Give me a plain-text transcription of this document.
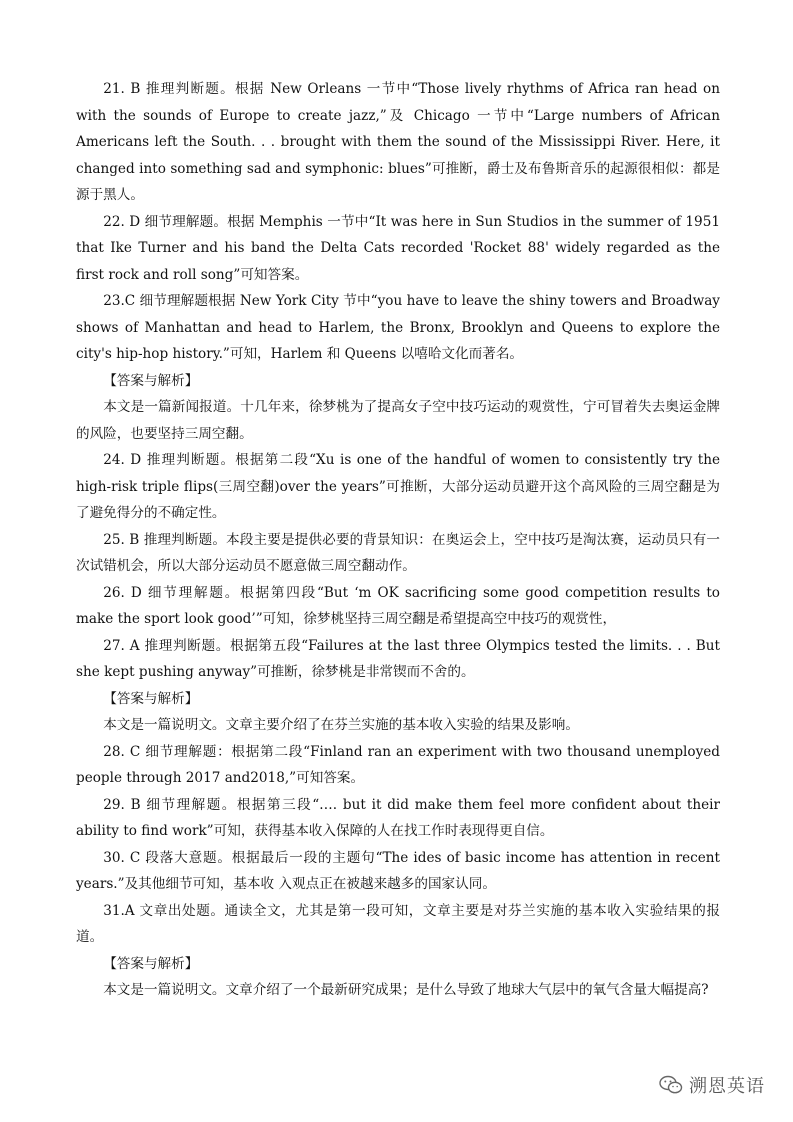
21. B 推理判断题。根据 New Orleans 一节中“Those lively rhythms of Africa ran head on with the sounds of Europe to create jazz,”及 Chicago 一节中“Large numbers of African Americans left the South. . . brought with them the sound of the Mississippi River. Here, it changed into something sad and symphonic: blues”可推断，爵士及布鲁斯音乐的起源很相似：都是源于黑人。

22. D 细节理解题。根据 Memphis 一节中“It was here in Sun Studios in the summer of 1951 that Ike Turner and his band the Delta Cats recorded 'Rocket 88' widely regarded as the first rock and roll song”可知答案。

23.C 细节理解题根据 New York City 节中“you have to leave the shiny towers and Broadway shows of Manhattan and head to Harlem, the Bronx, Brooklyn and Queens to explore the city's hip-hop history.”可知，Harlem 和 Queens 以嘻哈文化而著名。

【答案与解析】

本文是一篇新闻报道。十几年来，徐梦桃为了提高女子空中技巧运动的观赏性，宁可冒着失去奥运金牌的风险，也要坚持三周空翻。

24. D 推理判断题。根据第二段“Xu is one of the handful of women to consistently try the high-risk triple flips(三周空翻)over the years”可推断，大部分运动员避开这个高风险的三周空翻是为了避免得分的不确定性。

25. B 推理判断题。本段主要是提供必要的背景知识：在奥运会上，空中技巧是淘汰赛，运动员只有一次试错机会，所以大部分运动员不愿意做三周空翻动作。

26. D 细节理解题。根据第四段“But ‘m OK sacrificing some good competition results to make the sport look good’”可知，徐梦桃坚持三周空翻是希望提高空中技巧的观赏性，

27. A 推理判断题。根据第五段“Failures at the last three Olympics tested the limits. . . But she kept pushing anyway”可推断，徐梦桃是非常锲而不舍的。

【答案与解析】

本文是一篇说明文。文章主要介绍了在芬兰实施的基本收入实验的结果及影响。

28. C 细节理解题：根据第二段“Finland ran an experiment with two thousand unemployed people through 2017 and2018,”可知答案。

29. B 细节理解题。根据第三段“…. but it did make them feel more confident about their ability to find work”可知，获得基本收入保障的人在找工作时表现得更自信。

30. C 段落大意题。根据最后一段的主题句“The ides of basic income has attention in recent years.”及其他细节可知，基本收 入观点正在被越来越多的国家认同。

31.A 文章出处题。通读全文，尤其是第一段可知，文章主要是对芬兰实施的基本收入实验结果的报道。

【答案与解析】

本文是一篇说明文。文章介绍了一个最新研究成果；是什么导致了地球大气层中的氧气含量大幅提高?

溯恩英语
